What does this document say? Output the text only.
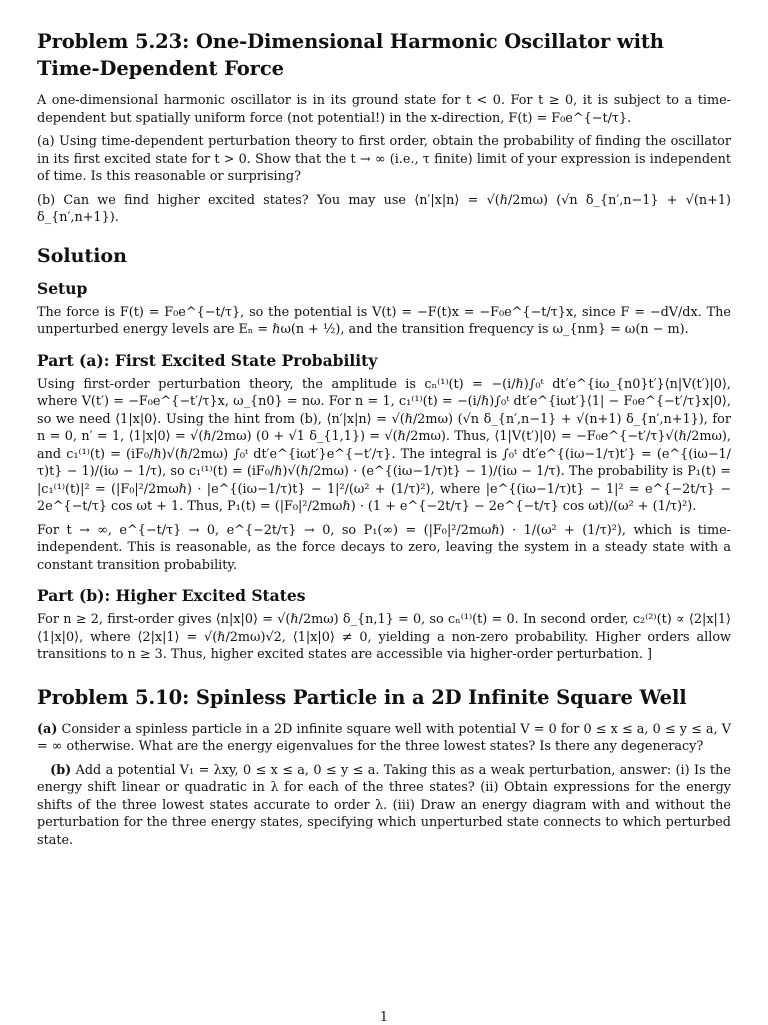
Problem 5.23: One-Dimensional Harmonic Oscillator with Time-Dependent Force

A one-dimensional harmonic oscillator is in its ground state for t < 0. For t ≥ 0, it is subject to a time-dependent but spatially uniform force (not potential!) in the x-direction, F(t) = F₀e^{−t/τ}.

(a) Using time-dependent perturbation theory to first order, obtain the probability of finding the oscillator in its first excited state for t > 0. Show that the t → ∞ (i.e., τ finite) limit of your expression is independent of time. Is this reasonable or surprising?

(b) Can we find higher excited states? You may use ⟨n′|x|n⟩ = √(ℏ/2mω) (√n δ_{n′,n−1} + √(n+1) δ_{n′,n+1}).

Solution
Setup

The force is F(t) = F₀e^{−t/τ}, so the potential is V(t) = −F(t)x = −F₀e^{−t/τ}x, since F = −dV/dx. The unperturbed energy levels are Eₙ = ℏω(n + ½), and the transition frequency is ω_{nm} = ω(n − m).

Part (a): First Excited State Probability

Using first-order perturbation theory, the amplitude is cₙ⁽¹⁾(t) = −(i/ℏ)∫₀ᵗ dt′e^{iω_{n0}t′}⟨n|V(t′)|0⟩, where V(t′) = −F₀e^{−t′/τ}x, ω_{n0} = nω. For n = 1, c₁⁽¹⁾(t) = −(i/ℏ)∫₀ᵗ dt′e^{iωt′}⟨1| − F₀e^{−t′/τ}x|0⟩, so we need ⟨1|x|0⟩. Using the hint from (b), ⟨n′|x|n⟩ = √(ℏ/2mω) (√n δ_{n′,n−1} + √(n+1) δ_{n′,n+1}), for n = 0, n′ = 1, ⟨1|x|0⟩ = √(ℏ/2mω) (0 + √1 δ_{1,1}) = √(ℏ/2mω). Thus, ⟨1|V(t′)|0⟩ = −F₀e^{−t′/τ}√(ℏ/2mω), and c₁⁽¹⁾(t) = (iF₀/ℏ)√(ℏ/2mω) ∫₀ᵗ dt′e^{iωt′}e^{−t′/τ}. The integral is ∫₀ᵗ dt′e^{(iω−1/τ)t′} = (e^{(iω−1/τ)t} − 1)/(iω − 1/τ), so c₁⁽¹⁾(t) = (iF₀/ℏ)√(ℏ/2mω) · (e^{(iω−1/τ)t} − 1)/(iω − 1/τ). The probability is P₁(t) = |c₁⁽¹⁾(t)|² = (|F₀|²/2mωℏ) · |e^{(iω−1/τ)t} − 1|²/(ω² + (1/τ)²), where |e^{(iω−1/τ)t} − 1|² = e^{−2t/τ} − 2e^{−t/τ} cos ωt + 1. Thus, P₁(t) = (|F₀|²/2mωℏ) · (1 + e^{−2t/τ} − 2e^{−t/τ} cos ωt)/(ω² + (1/τ)²).

For t → ∞, e^{−t/τ} → 0, e^{−2t/τ} → 0, so P₁(∞) = (|F₀|²/2mωℏ) · 1/(ω² + (1/τ)²), which is time-independent. This is reasonable, as the force decays to zero, leaving the system in a steady state with a constant transition probability.

Part (b): Higher Excited States

For n ≥ 2, first-order gives ⟨n|x|0⟩ = √(ℏ/2mω) δ_{n,1} = 0, so cₙ⁽¹⁾(t) = 0. In second order, c₂⁽²⁾(t) ∝ ⟨2|x|1⟩⟨1|x|0⟩, where ⟨2|x|1⟩ = √(ℏ/2mω)√2, ⟨1|x|0⟩ ≠ 0, yielding a non-zero probability. Higher orders allow transitions to n ≥ 3. Thus, higher excited states are accessible via higher-order perturbation. ]

Problem 5.10: Spinless Particle in a 2D Infinite Square Well

(a) Consider a spinless particle in a 2D infinite square well with potential V = 0 for 0 ≤ x ≤ a, 0 ≤ y ≤ a, V = ∞ otherwise. What are the energy eigenvalues for the three lowest states? Is there any degeneracy?

(b) Add a potential V₁ = λxy, 0 ≤ x ≤ a, 0 ≤ y ≤ a. Taking this as a weak perturbation, answer: (i) Is the energy shift linear or quadratic in λ for each of the three states? (ii) Obtain expressions for the energy shifts of the three lowest states accurate to order λ. (iii) Draw an energy diagram with and without the perturbation for the three energy states, specifying which unperturbed state connects to which perturbed state.

1
